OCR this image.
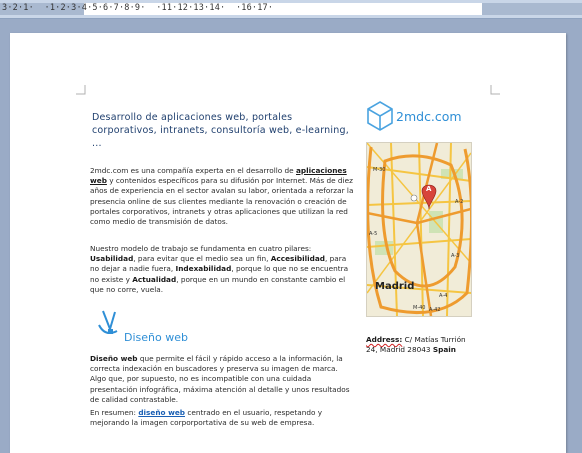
3·2·1·  ·1·2·3·4·5·6·7·8·9·  ·11·12·13·14·  ·16·17·
Desarrollo de aplicaciones web, portales corporativos, intranets, consultoría web, e-learning, ...
2mdc.com es una compañía experta en el desarrollo de aplicaciones web y contenidos específicos para su difusión por Internet. Más de diez años de experiencia en el sector avalan su labor, orientada a reforzar la presencia online de sus clientes mediante la renovación o creación de portales corporativos, intranets y otras aplicaciones que utilizan la red como medio de transmisión de datos.
Nuestro modelo de trabajo se fundamenta en cuatro pilares: Usabilidad, para evitar que el medio sea un fin, Accesibilidad, para no dejar a nadie fuera, Indexabilidad, porque lo que no se encuentra no existe y Actualidad, porque en un mundo en constante cambio el que no corre, vuela.
Diseño web
Diseño web que permite el fácil y rápido acceso a la información, la correcta indexación en buscadores y preserva su imagen de marca. Algo que, por supuesto, no es incompatible con una cuidada presentación infográfica, máxima atención al detalle y unos resultados de calidad contrastable.
En resumen: diseño web centrado en el usuario, respetando y mejorando la imagen corporportativa de su web de empresa.
2mdc.com
A
Madrid
M-30
A-3
M-40 A-42
A-5
A-4
A-2
Address: C/ Matías Turrión
24, Madrid 28043 Spain
